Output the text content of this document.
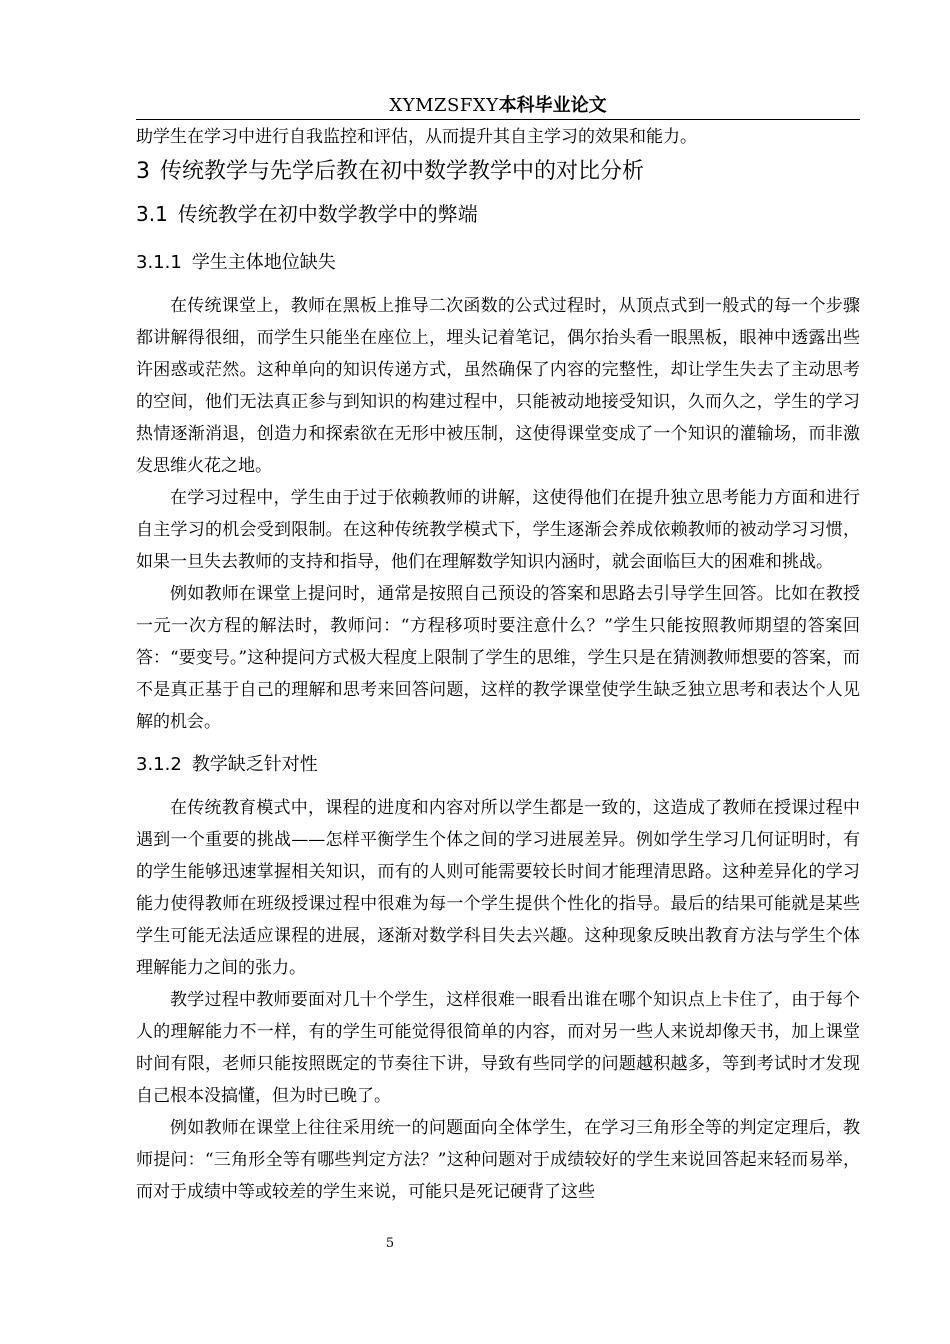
XYMZSFXY本科毕业论文

助学生在学习中进行自我监控和评估，从而提升其自主学习的效果和能力。

3 传统教学与先学后教在初中数学教学中的对比分析
3.1 传统教学在初中数学教学中的弊端
3.1.1 学生主体地位缺失

在传统课堂上，教师在黑板上推导二次函数的公式过程时，从顶点式到一般式的每一个步骤都讲解得很细，而学生只能坐在座位上，埋头记着笔记，偶尔抬头看一眼黑板，眼神中透露出些许困惑或茫然。这种单向的知识传递方式，虽然确保了内容的完整性，却让学生失去了主动思考的空间，他们无法真正参与到知识的构建过程中，只能被动地接受知识，久而久之，学生的学习热情逐渐消退，创造力和探索欲在无形中被压制，这使得课堂变成了一个知识的灌输场，而非激发思维火花之地。

在学习过程中，学生由于过于依赖教师的讲解，这使得他们在提升独立思考能力方面和进行自主学习的机会受到限制。在这种传统教学模式下，学生逐渐会养成依赖教师的被动学习习惯，如果一旦失去教师的支持和指导，他们在理解数学知识内涵时，就会面临巨大的困难和挑战。

例如教师在课堂上提问时，通常是按照自己预设的答案和思路去引导学生回答。比如在教授一元一次方程的解法时，教师问：“方程移项时要注意什么？”学生只能按照教师期望的答案回答：“要变号。”这种提问方式极大程度上限制了学生的思维，学生只是在猜测教师想要的答案，而不是真正基于自己的理解和思考来回答问题，这样的教学课堂使学生缺乏独立思考和表达个人见解的机会。

3.1.2 教学缺乏针对性

在传统教育模式中，课程的进度和内容对所以学生都是一致的，这造成了教师在授课过程中遇到一个重要的挑战——怎样平衡学生个体之间的学习进展差异。例如学生学习几何证明时，有的学生能够迅速掌握相关知识，而有的人则可能需要较长时间才能理清思路。这种差异化的学习能力使得教师在班级授课过程中很难为每一个学生提供个性化的指导。最后的结果可能就是某些学生可能无法适应课程的进展，逐渐对数学科目失去兴趣。这种现象反映出教育方法与学生个体理解能力之间的张力。

教学过程中教师要面对几十个学生，这样很难一眼看出谁在哪个知识点上卡住了，由于每个人的理解能力不一样，有的学生可能觉得很简单的内容，而对另一些人来说却像天书，加上课堂时间有限，老师只能按照既定的节奏往下讲，导致有些同学的问题越积越多，等到考试时才发现自己根本没搞懂，但为时已晚了。

例如教师在课堂上往往采用统一的问题面向全体学生，在学习三角形全等的判定定理后，教师提问：“三角形全等有哪些判定方法？”这种问题对于成绩较好的学生来说回答起来轻而易举，而对于成绩中等或较差的学生来说，可能只是死记硬背了这些

5
